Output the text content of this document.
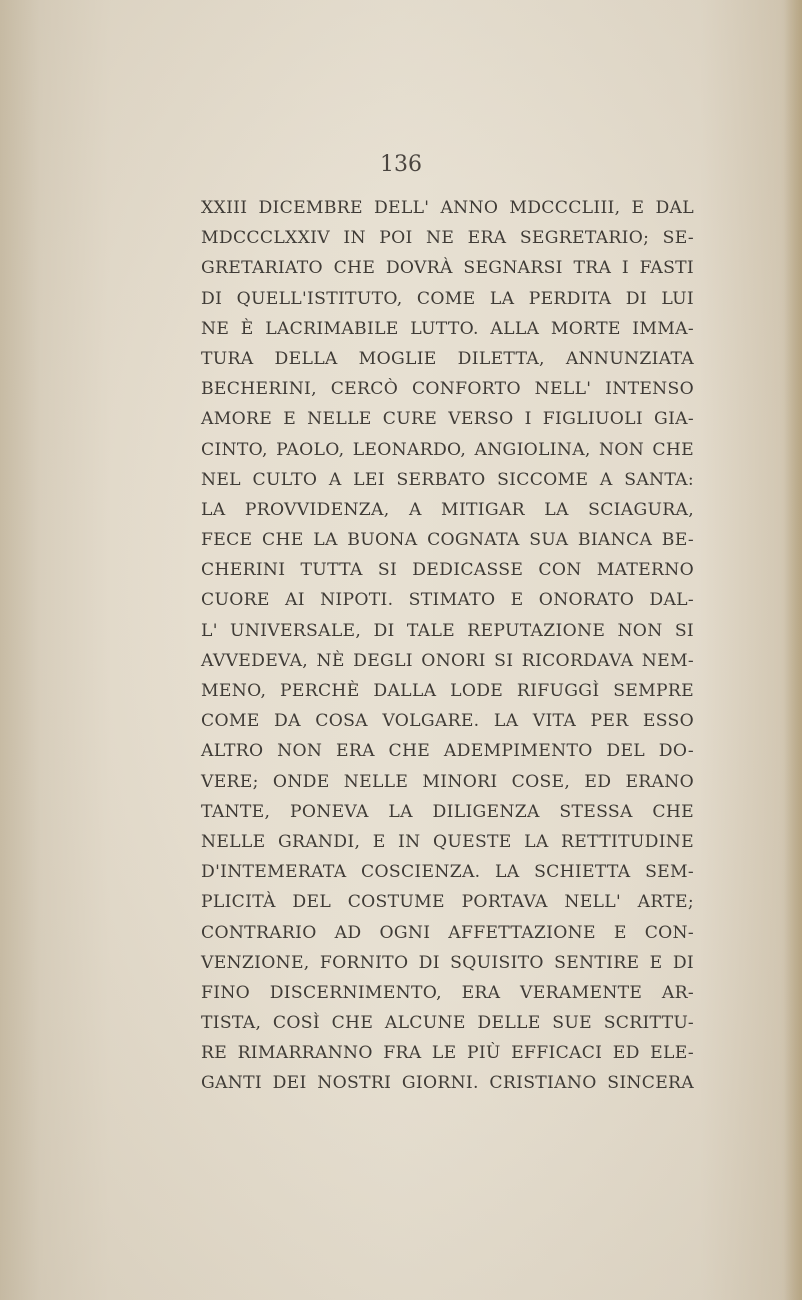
136
XXIII DICEMBRE DELL' ANNO MDCCCLIII, E DAL
MDCCCLXXIV IN POI NE ERA SEGRETARIO; SE-
GRETARIATO CHE DOVRÀ SEGNARSI TRA I FASTI
DI QUELL'ISTITUTO, COME LA PERDITA DI LUI
NE È LACRIMABILE LUTTO. ALLA MORTE IMMA-
TURA DELLA MOGLIE DILETTA, ANNUNZIATA
BECHERINI, CERCÒ CONFORTO NELL' INTENSO
AMORE E NELLE CURE VERSO I FIGLIUOLI GIA-
CINTO, PAOLO, LEONARDO, ANGIOLINA, NON CHE
NEL CULTO A LEI SERBATO SICCOME A SANTA:
LA PROVVIDENZA, A MITIGAR LA SCIAGURA,
FECE CHE LA BUONA COGNATA SUA BIANCA BE-
CHERINI TUTTA SI DEDICASSE CON MATERNO
CUORE AI NIPOTI. STIMATO E ONORATO DAL-
L' UNIVERSALE, DI TALE REPUTAZIONE NON SI
AVVEDEVA, NÈ DEGLI ONORI SI RICORDAVA NEM-
MENO, PERCHÈ DALLA LODE RIFUGGÌ SEMPRE
COME DA COSA VOLGARE. LA VITA PER ESSO
ALTRO NON ERA CHE ADEMPIMENTO DEL DO-
VERE; ONDE NELLE MINORI COSE, ED ERANO
TANTE, PONEVA LA DILIGENZA STESSA CHE
NELLE GRANDI, E IN QUESTE LA RETTITUDINE
D'INTEMERATA COSCIENZA. LA SCHIETTA SEM-
PLICITÀ DEL COSTUME PORTAVA NELL' ARTE;
CONTRARIO AD OGNI AFFETTAZIONE E CON-
VENZIONE, FORNITO DI SQUISITO SENTIRE E DI
FINO DISCERNIMENTO, ERA VERAMENTE AR-
TISTA, COSÌ CHE ALCUNE DELLE SUE SCRITTU-
RE RIMARRANNO FRA LE PIÙ EFFICACI ED ELE-
GANTI DEI NOSTRI GIORNI. CRISTIANO SINCERA
